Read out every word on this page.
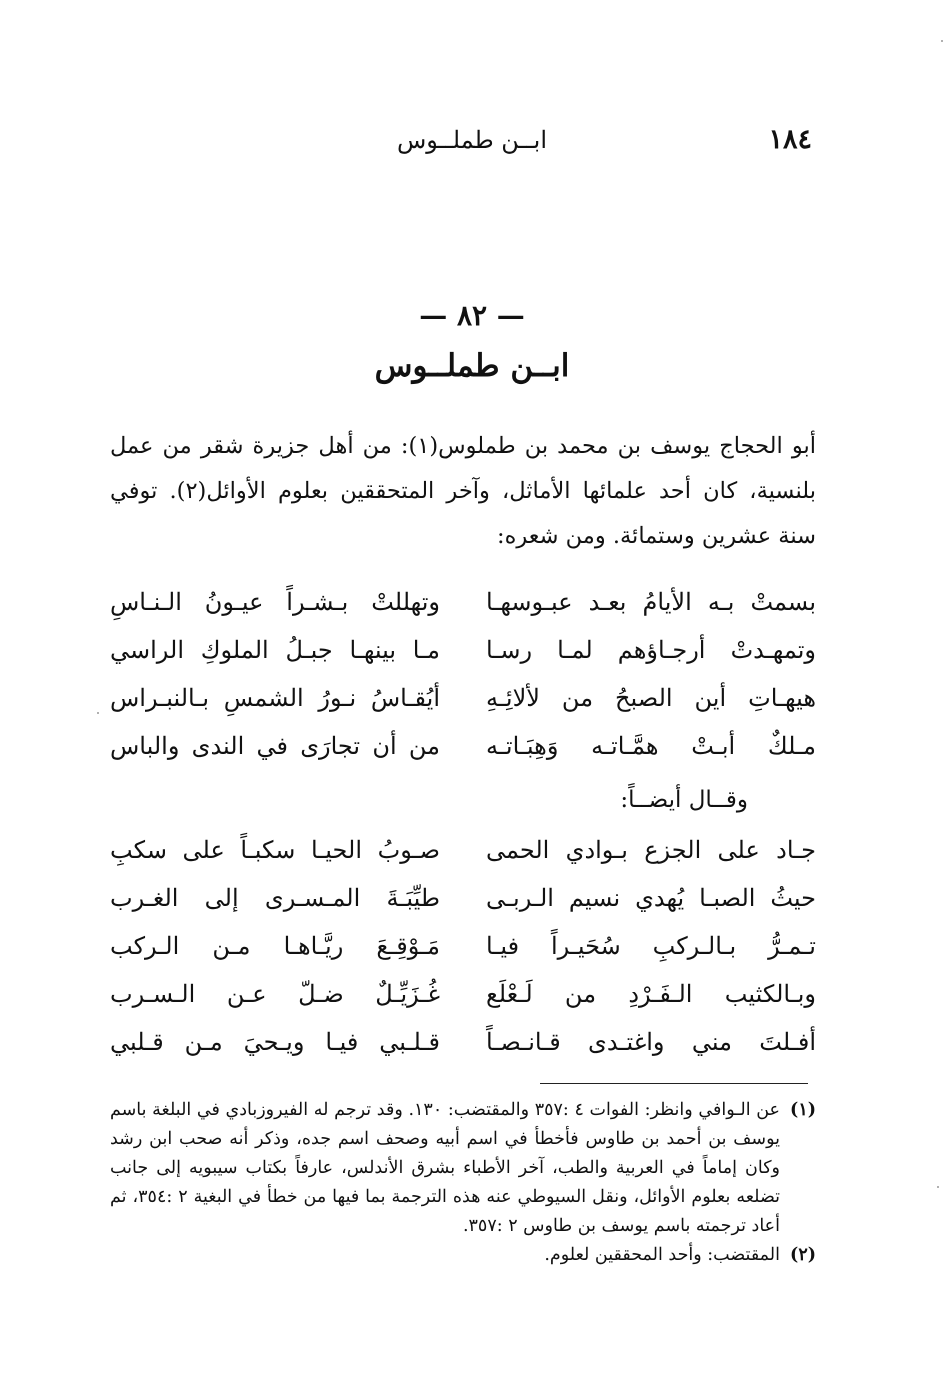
ابــن طملــوس	١٨٤
— ٨٢ —
ابــن طملــوس
أبو الحجاج يوسف بن محمد بن طملوس(١): من أهل جزيرة شقر من عمل بلنسية، كان أحد علمائها الأماثل، وآخر المتحققين بعلوم الأوائل(٢). توفي سنة عشرين وستمائة. ومن شعره:
بسمتْ بـه الأيامُ بعـد عبـوسهـا
وتهللتْ بـشـراً عيـونُ الـنـاسِ
وتمهـدتْ أرجـاؤهم لمـا رسـا
مـا بينهـا جبـلُ الملوكِ الراسي
هيهـاتِ أين الصبحُ من لألائِـهِ
أيُقـاسُ نـورُ الشمسِ بـالنبـراس
مـلكٌ أبـتْ همَّـاتـه وَهِبَـاتـه
من أن تجارَى في الندى والباس
وقــال أيضــاً:
جـاد على الجزع بـوادي الحمى
صـوبُ الحيـا سكبـاً على سكبِ
حيثُ الصبـا يُهدي نسيم الـربـى
طيِّبَـةَ المـسـرى إلى الغـرب
تـمـرُّ بـالـركبِ سُحَيـراً فيـا
مَـوْقِـعَ ريَّـاهـا مـن الـركب
وبـالكثيب الـفَـرْدِ من لَـعْلَع
غُـزَيِّـلٌ ضـلّ عـن الـسـرب
أفـلتَ مني واغتـدى قـانـصـاً
قـلـبي فيـا ويـحيَ مـن قـلبي
(١)
عن الـوافي وانظر: الفوات ٤ :٣٥٧ والمقتضب: ١٣٠. وقد ترجم له الفيروزبادي في البلغة باسم يوسف بن أحمد بن طاوس فأخطأ في اسم أبيه وصحف اسم جده، وذكر أنه صحب ابن رشد وكان إماماً في العربية والطب، آخر الأطباء بشرق الأندلس، عارفاً بكتاب سيبويه إلى جانب تضلعه بعلوم الأوائل، ونقل السيوطي عنه هذه الترجمة بما فيها من خطأ في البغية ٢ :٣٥٤، ثم أعاد ترجمته باسم يوسف بن طاوس ٢ :٣٥٧.
(٢)
المقتضب: وأحد المحققين لعلوم.
